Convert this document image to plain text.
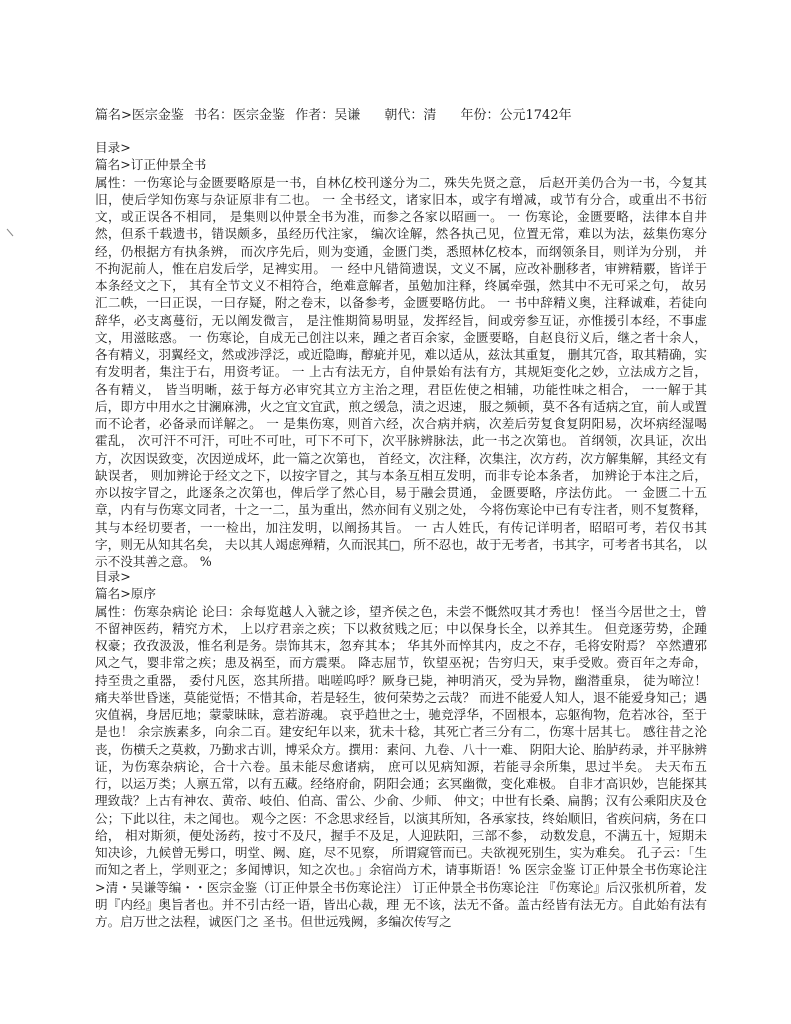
篇名>医宗金鉴 书名：医宗金鉴 作者：吴谦 朝代：清 年份：公元1742年
目录>
篇名>订正仲景全书
属性：一伤寒论与金匮要略原是一书，自林亿校刊遂分为二，殊失先贤之意， 后赵开美仍合为一书，今复其旧，使后学知伤寒与杂证原非有二也。 一 全书经文，诸家旧本，或字有增减，或节有分合，或重出不书衍文，或正误各不相同， 是集则以仲景全书为准，而参之各家以昭画一。 一 伤寒论，金匮要略，法律本自井然，但系千载遗书，错误颇多，虽经历代注家， 编次诠解，然各执己见，位置无常，难以为法，兹集伤寒分经，仍根据方有执条辨， 而次序先后，则为变通，金匮门类，悉照林亿校本，而纲领条目，则详为分别， 并不拘泥前人，惟在启发后学，足裨实用。 一 经中凡错简遗误，文义不属，应改补删移者，审辨精覈，皆详于本条经文之下， 其有全节文义不相符合，绝难意解者，虽勉加注释，终属牵强，然其中不无可采之句， 故另汇二帙，一曰正误，一曰存疑，附之卷末，以备参考，金匮要略仿此。 一 书中辞精义奥，注释诚难，若徒向辞华，必支离蔓衍，无以阐发微言， 是注惟期简易明显，发挥经旨，间或旁参互证，亦惟援引本经，不事虚文，用滋眩惑。 一 伤寒论，自成无己创注以来，踵之者百余家，金匮要略，自赵良衍义后，继之者十余人， 各有精义，羽翼经文，然或涉浮泛，或近隐晦，醇疵并见，难以适从，兹汰其重复， 删其冗沓，取其精确，实有发明者，集注于右，用资考证。 一 上古有法无方，自仲景始有法有方，其规矩变化之妙，立法成方之旨，各有精义， 皆当明晰，兹于每方必审究其立方主治之理，君臣佐使之相辅，功能性味之相合， 一一解于其后，即方中用水之甘澜麻沸，火之宜文宜武，煎之缓急，渍之迟速， 服之频顿，莫不各有适病之宜，前人或置而不论者，必备录而详解之。 一 是集伤寒，则首六经，次合病并病，次差后劳复食复阴阳易，次坏病经湿喝霍乱， 次可汗不可汗，可吐不可吐，可下不可下，次平脉辨脉法，此一书之次第也。 首纲领，次具证，次出方，次因误致变，次因逆成坏，此一篇之次第也， 首经文，次注释，次集注，次方药，次方解集解，其经文有缺误者， 则加辨论于经文之下，以按字冒之，其与本条互相互发明，而非专论本条者， 加辨论于本注之后，亦以按字冒之，此逐条之次第也，俾后学了然心目，易于融会贯通， 金匮要略，序法仿此。 一 金匮二十五章，内有与伤寒文同者，十之一二，虽为重出，然亦间有义别之处， 今将伤寒论中已有专注者，则不复赘释，其与本经切要者，一一检出，加注发明，以阐扬其旨。 一 古人姓氏，有传记详明者，昭昭可考，若仅书其字，则无从知其名矣， 夫以其人竭虑殚精，久而泯其□，所不忍也，故于无考者，书其字，可考者书其名， 以示不没其善之意。 %
目录>
篇名>原序
属性：伤寒杂病论 论曰：余每览越人入虢之诊，望齐侯之色，未尝不慨然叹其才秀也！ 怪当今居世之士，曾不留神医药，精究方术， 上以疗君亲之疾；下以救贫贱之厄；中以保身长全，以养其生。 但竞逐劳势，企踵权豪；孜孜汲汲，惟名利是务。崇饰其末，忽弃其本； 华其外而悴其内，皮之不存，毛将安附焉？ 卒然遭邪风之气，婴非常之疾；患及祸至，而方震栗。 降志屈节，钦望巫祝；告穷归天，束手受败。赍百年之寿命， 持至贵之重器， 委付凡医，恣其所措。咄嗟呜呼？厥身已毙，神明消灭，受为异物，幽潜重泉， 徒为啼泣！痛夫举世昏迷，莫能觉悟；不惜其命，若是轻生，彼何荣势之云哉？ 而进不能爱人知人，退不能爱身知己；遇灾值祸，身居厄地；蒙蒙昧昧，意若游魂。 哀乎趋世之士，驰竞浮华，不固根本，忘躯徇物，危若冰谷，至于是也！ 余宗族素多，向余二百。建安纪年以来，犹未十稔，其死亡者三分有二，伤寒十居其七。 感往昔之沦丧，伤横夭之莫救，乃勤求古训，博采众方。撰用：素问、九卷、八十一难、 阴阳大论、胎胪药录，并平脉辨证，为伤寒杂病论，合十六卷。虽未能尽愈诸病， 庶可以见病知源，若能寻余所集，思过半矣。 夫天布五行，以运万类；人禀五常，以有五藏。经络府俞，阴阳会通；玄冥幽微，变化难极。 自非才高识妙，岂能探其理致哉？上古有神农、黄帝、岐伯、伯高、雷公、少俞、少师、 仲文；中世有长桑、扁鹊；汉有公乘阳庆及仓公；下此以往，未之闻也。 观今之医：不念思求经旨，以演其所知，各承家技，终始顺旧，省疾问病，务在口给， 相对斯须，便处汤药，按寸不及尺，握手不及足，人迎趺阳，三部不参， 动数发息，不满五十，短期未知决诊，九候曾无髣口，明堂、阙、庭，尽不见察， 所谓窥管而已。夫欲视死别生，实为难矣。 孔子云：「生而知之者上，学则亚之；多闻博识，知之次也。」余宿尚方术，请事斯语！% 医宗金鉴 订正仲景全书伤寒论注 >清・吴谦等编・・医宗金鉴（订正仲景全书伤寒论注） 订正仲景全书伤寒论注 『伤寒论』后汉张机所着，发明『内经』奥旨者也。并不引古经一语，皆出心裁，理 无不该，法无不备。盖古经皆有法无方。自此始有法有方。启万世之法程，诚医门之 圣书。但世远残阙，多编次传写之
